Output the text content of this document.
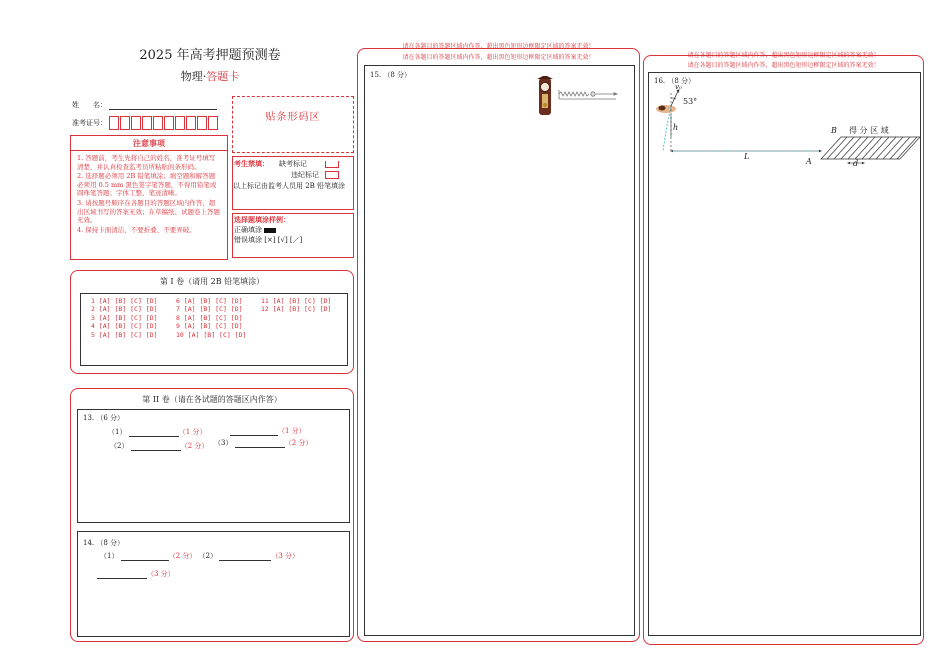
2025 年高考押题预测卷
物理·答题卡
姓　　名：
准考证号：
注意事项
1. 答题前，考生先将自己的姓名，准考证号填写清楚，并认真检查监考员所粘贴的条形码。
2. 选择题必须用 2B 铅笔填涂；填空题和解答题必须用 0.5 mm 黑色签字笔答题，不得用铅笔或圆珠笔答题；字体工整、笔迹清晰。
3. 请按题号顺序在各题目的答题区域内作答，超出区域书写的答案无效；在草稿纸、试题卷上答题无效。
4. 保持卡面清洁，不要折叠、不要弄破。
贴条形码区
考生禁填： 缺考标记
违纪标记
以上标记由监考人员用 2B 铅笔填涂
选择题填涂样例：
正确填涂
错误填涂 [×] [√] [／]
第 I 卷（请用 2B 铅笔填涂）
1 [A] [B] [C] [D]
2 [A] [B] [C] [D]
3 [A] [B] [C] [D]
4 [A] [B] [C] [D]
5 [A] [B] [C] [D]
6 [A] [B] [C] [D]
7 [A] [B] [C] [D]
8 [A] [B] [C] [D]
9 [A] [B] [C] [D]
10 [A] [B] [C] [D]
11 [A] [B] [C] [D]
12 [A] [B] [C] [D]
第 II 卷（请在各试题的答题区内作答）
13. （6 分）
（1）	（1 分）	（1 分）
（2）	（2 分） （3）	（2 分）
14. （8 分）
（1）	（2 分） （2）	（3 分）
（3 分）
请在各题目的答题区域内作答，超出黑色矩形边框限定区域的答案无效！
请在各题目的答题区域内作答，超出黑色矩形边框限定区域的答案无效！
15. （8 分）
请在各题目的答题区域内作答，超出黑色矩形边框限定区域的答案无效！
请在各题目的答题区域内作答，超出黑色矩形边框限定区域的答案无效！
16. （8 分）
v₀
53°
h
L
A
B
d
得 分 区 域
